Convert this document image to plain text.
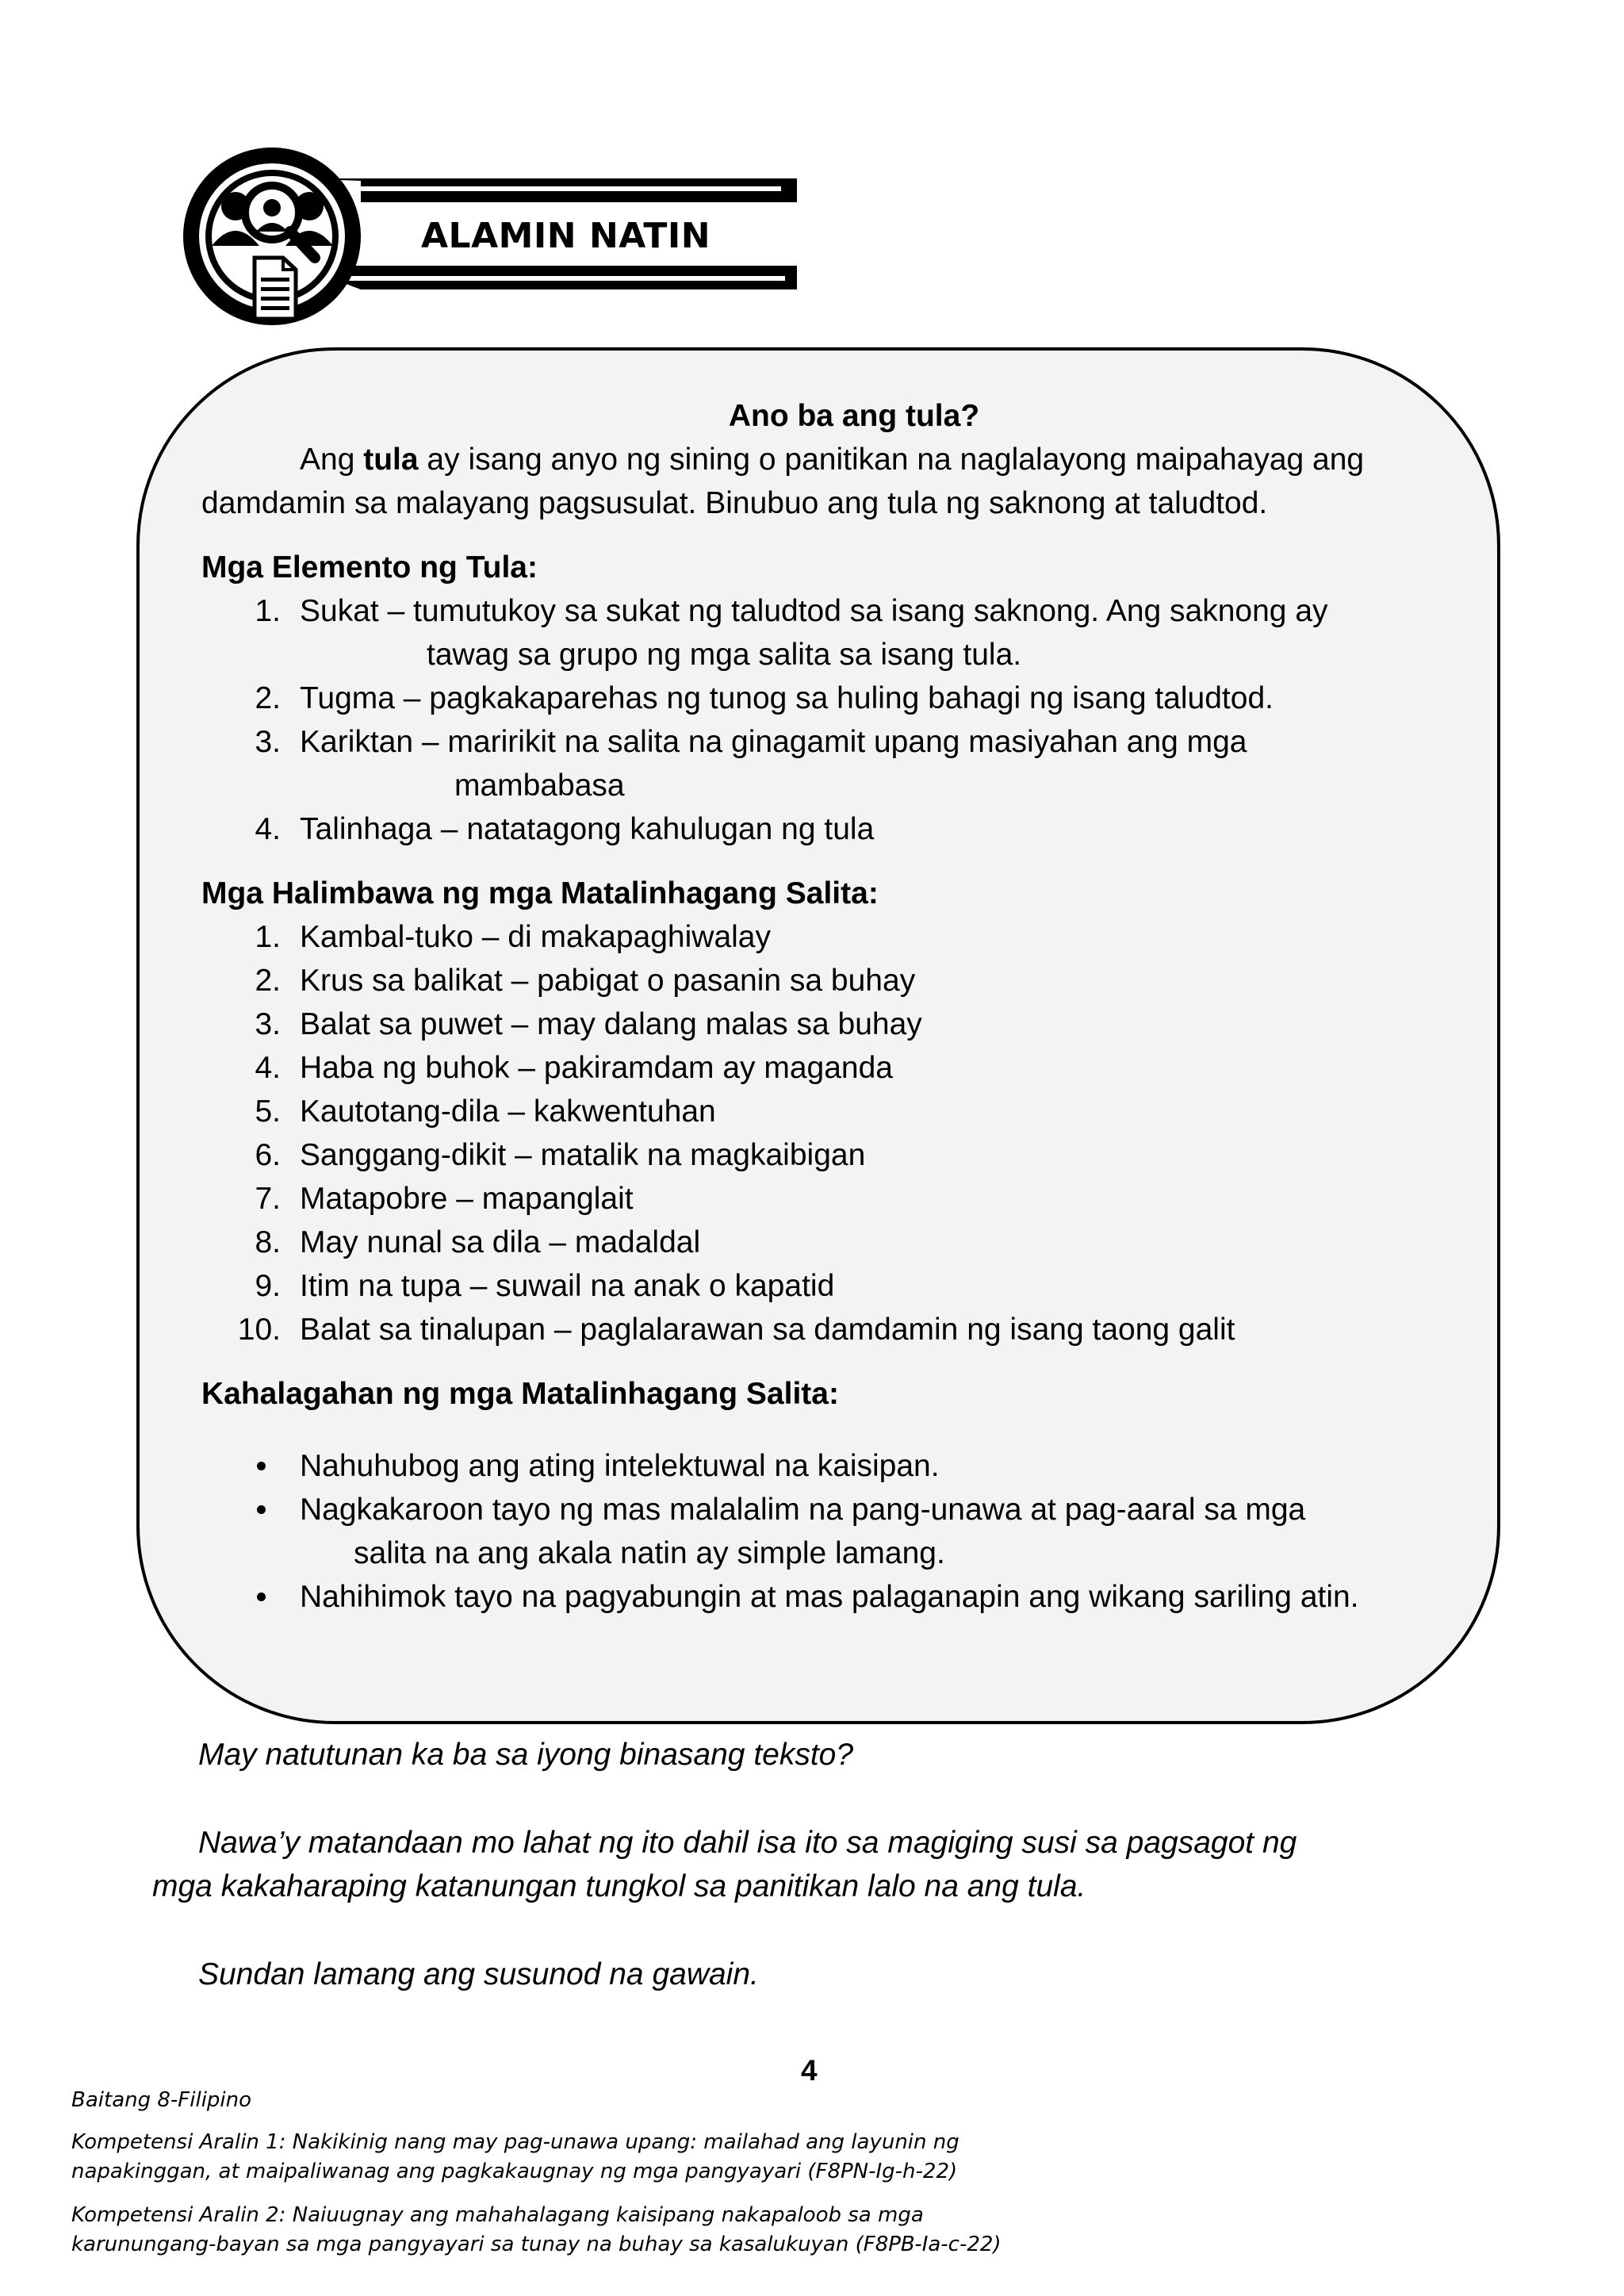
ALAMIN NATIN

Ano ba ang tula?

Ang tula ay isang anyo ng sining o panitikan na naglalayong maipahayag ang

damdamin sa malayang pagsusulat. Binubuo ang tula ng saknong at taludtod.

Mga Elemento ng Tula:

1. Sukat – tumutukoy sa sukat ng taludtod sa isang saknong. Ang saknong ay
tawag sa grupo ng mga salita sa isang tula.
2. Tugma – pagkakaparehas ng tunog sa huling bahagi ng isang taludtod.
3. Kariktan – maririkit na salita na ginagamit upang masiyahan ang mga
mambabasa
4. Talinhaga – natatagong kahulugan ng tula

Mga Halimbawa ng mga Matalinhagang Salita:

1. Kambal-tuko – di makapaghiwalay
2. Krus sa balikat – pabigat o pasanin sa buhay
3. Balat sa puwet – may dalang malas sa buhay
4. Haba ng buhok – pakiramdam ay maganda
5. Kautotang-dila – kakwentuhan
6. Sanggang-dikit – matalik na magkaibigan
7. Matapobre – mapanglait
8. May nunal sa dila – madaldal
9. Itim na tupa – suwail na anak o kapatid
10. Balat sa tinalupan – paglalarawan sa damdamin ng isang taong galit

Kahalagahan ng mga Matalinhagang Salita:

Nahuhubog ang ating intelektuwal na kaisipan.
Nagkakaroon tayo ng mas malalalim na pang-unawa at pag-aaral sa mga
salita na ang akala natin ay simple lamang.
Nahihimok tayo na pagyabungin at mas palaganapin ang wikang sariling atin.

May natutunan ka ba sa iyong binasang teksto?

Nawa’y matandaan mo lahat ng ito dahil isa ito sa magiging susi sa pagsagot ng

mga kakaharaping katanungan tungkol sa panitikan lalo na ang tula.

Sundan lamang ang susunod na gawain.

4
Baitang 8-Filipino
Kompetensi Aralin 1: Nakikinig nang may pag-unawa upang: mailahad ang layunin ng
napakinggan, at maipaliwanag ang pagkakaugnay ng mga pangyayari (F8PN-Ig-h-22)
Kompetensi Aralin 2: Naiuugnay ang mahahalagang kaisipang nakapaloob sa mga
karunungang-bayan sa mga pangyayari sa tunay na buhay sa kasalukuyan (F8PB-Ia-c-22)
